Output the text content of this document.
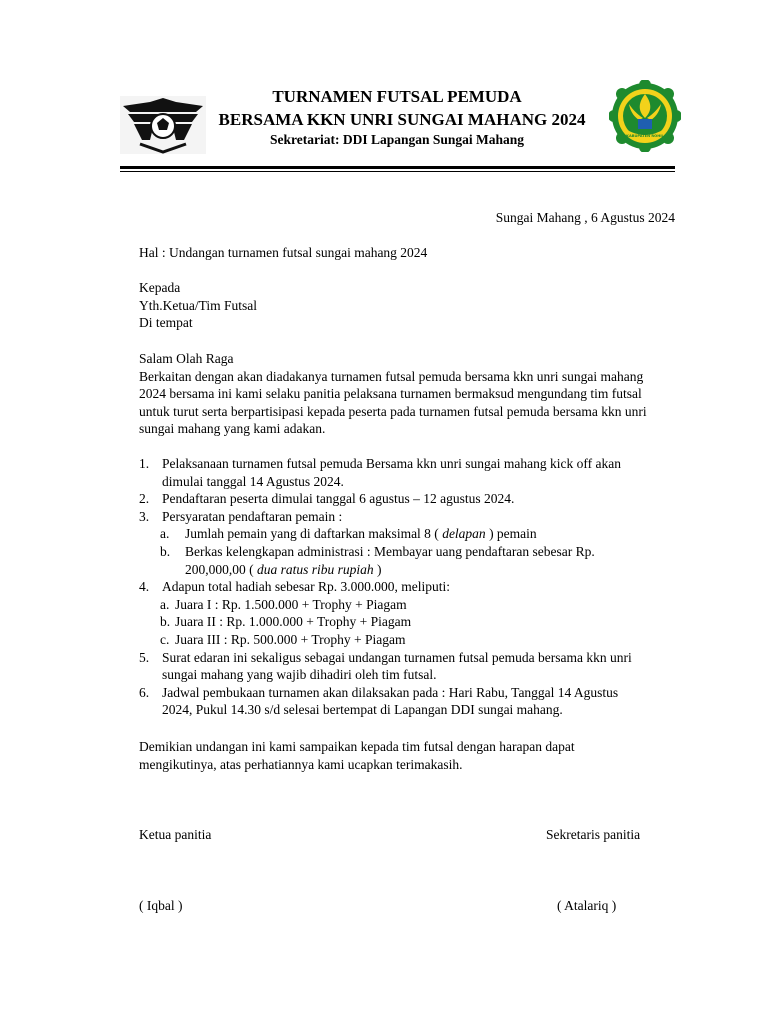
TURNAMEN FUTSAL PEMUDA
BERSAMA KKN UNRI SUNGAI MAHANG 2024
Sekretariat: DDI Lapangan Sungai Mahang	KABUPATEN ROHIL
Sungai Mahang , 6 Agustus 2024
Hal : Undangan turnamen futsal sungai mahang 2024
Kepada
Yth.Ketua/Tim Futsal
Di tempat
Salam Olah Raga
Berkaitan dengan akan diadakanya turnamen futsal pemuda bersama kkn unri sungai mahang
2024 bersama ini kami selaku panitia pelaksana turnamen bermaksud mengundang tim futsal
untuk turut serta berpartisipasi kepada peserta pada turnamen futsal pemuda bersama kkn unri
sungai mahang yang kami adakan.
1. Pelaksanaan turnamen futsal pemuda Bersama kkn unri sungai mahang kick off akan
dimulai tanggal 14 Agustus 2024.
2. Pendaftaran peserta dimulai tanggal 6 agustus – 12 agustus 2024.
3. Persyaratan pendaftaran pemain :
a. Jumlah pemain yang di daftarkan maksimal 8 ( delapan ) pemain
b. Berkas kelengkapan administrasi : Membayar uang pendaftaran sebesar Rp.
200,000,00 ( dua ratus ribu rupiah )
4. Adapun total hadiah sebesar Rp. 3.000.000, meliputi:
a. Juara I : Rp. 1.500.000 + Trophy + Piagam
b. Juara II : Rp. 1.000.000 + Trophy + Piagam
c. Juara III : Rp. 500.000 + Trophy + Piagam
5. Surat edaran ini sekaligus sebagai undangan turnamen futsal pemuda bersama kkn unri
sungai mahang yang wajib dihadiri oleh tim futsal.
6. Jadwal pembukaan turnamen akan dilaksakan pada : Hari Rabu, Tanggal 14 Agustus
2024, Pukul 14.30 s/d selesai bertempat di Lapangan DDI sungai mahang.
Demikian undangan ini kami sampaikan kepada tim futsal dengan harapan dapat
mengikutinya, atas perhatiannya kami ucapkan terimakasih.
Ketua panitia	Sekretaris panitia
( Iqbal )	( Atalariq )
